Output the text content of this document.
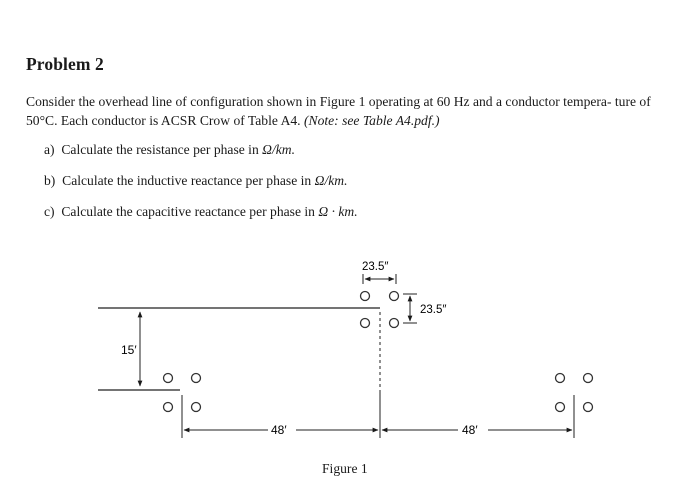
Problem 2
Consider the overhead line of configuration shown in Figure 1 operating at 60 Hz and a conductor tempera- ture of 50°C. Each conductor is ACSR Crow of Table A4. (Note: see Table A4.pdf.)
a) Calculate the resistance per phase in Ω/km.
b) Calculate the inductive reactance per phase in Ω/km.
c) Calculate the capacitive reactance per phase in Ω · km.
15′
23.5″
23.5″
48′	48′
Figure 1
